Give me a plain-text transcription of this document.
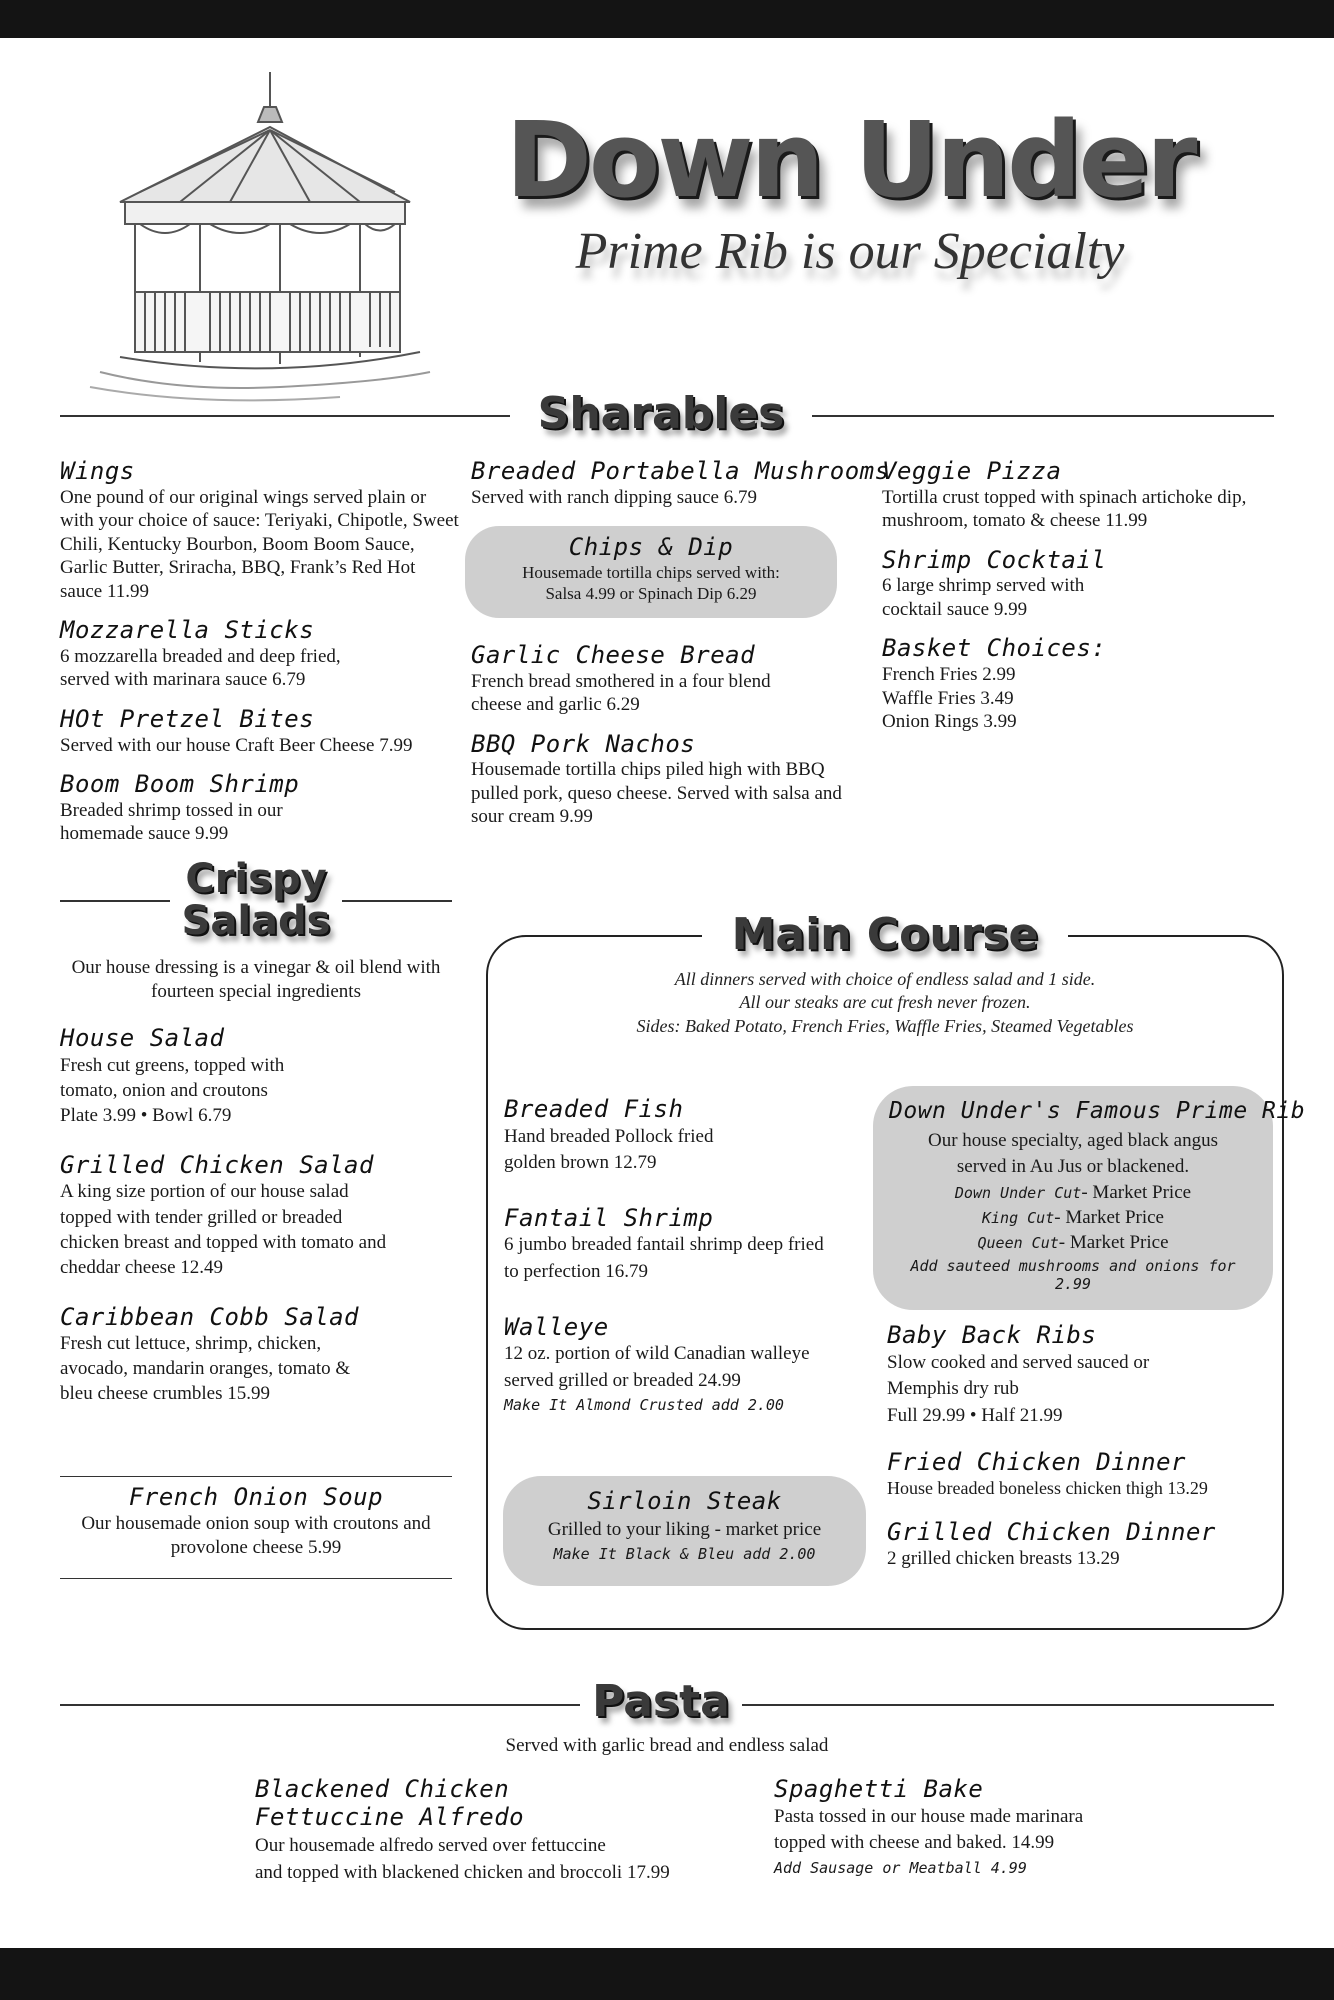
Down Under
Prime Rib is our Specialty
Sharables
Wings
One pound of our original wings served plain or with your choice of sauce: Teriyaki, Chipotle, Sweet Chili, Kentucky Bourbon, Boom Boom Sauce, Garlic Butter, Sriracha, BBQ, Frank’s Red Hot sauce 11.99
Mozzarella Sticks
6 mozzarella breaded and deep fried, served with marinara sauce 6.79
HOt Pretzel Bites
Served with our house Craft Beer Cheese 7.99
Boom Boom Shrimp
Breaded shrimp tossed in our homemade sauce 9.99
Breaded Portabella Mushrooms
Served with ranch dipping sauce 6.79
Chips & Dip
Housemade tortilla chips served with:
Salsa 4.99 or Spinach Dip 6.29
Garlic Cheese Bread
French bread smothered in a four blend cheese and garlic 6.29
BBQ Pork Nachos
Housemade tortilla chips piled high with BBQ pulled pork, queso cheese. Served with salsa and sour cream 9.99
Veggie Pizza
Tortilla crust topped with spinach artichoke dip, mushroom, tomato & cheese 11.99
Shrimp Cocktail
6 large shrimp served with cocktail sauce 9.99
Basket Choices:
French Fries 2.99
Waffle Fries 3.49
Onion Rings 3.99
Crispy
Salads
Our house dressing is a vinegar & oil blend with fourteen special ingredients
House Salad
Fresh cut greens, topped with tomato, onion and croutons
Plate 3.99 • Bowl 6.79
Grilled Chicken Salad
A king size portion of our house salad topped with tender grilled or breaded chicken breast and topped with tomato and cheddar cheese 12.49
Caribbean Cobb Salad
Fresh cut lettuce, shrimp, chicken, avocado, mandarin oranges, tomato & bleu cheese crumbles 15.99
French Onion Soup
Our housemade onion soup with croutons and provolone cheese 5.99
Main Course
All dinners served with choice of endless salad and 1 side.
All our steaks are cut fresh never frozen.
Sides: Baked Potato, French Fries, Waffle Fries, Steamed Vegetables
Breaded Fish
Hand breaded Pollock fried golden brown 12.79
Fantail Shrimp
6 jumbo breaded fantail shrimp deep fried to perfection 16.79
Walleye
12 oz. portion of wild Canadian walleye served grilled or breaded 24.99
Make It Almond Crusted add 2.00
Sirloin Steak
Grilled to your liking - market price
Make It Black & Bleu add 2.00
Down Under's Famous Prime Rib
Our house specialty, aged black angus served in Au Jus or blackened.
Down Under Cut- Market Price
King Cut- Market Price
Queen Cut- Market Price
Add sauteed mushrooms and onions for 2.99
Baby Back Ribs
Slow cooked and served sauced or Memphis dry rub
Full 29.99 • Half 21.99
Fried Chicken Dinner
House breaded boneless chicken thigh 13.29
Grilled Chicken Dinner
2 grilled chicken breasts 13.29
Pasta
Served with garlic bread and endless salad
Blackened Chicken
Fettuccine Alfredo
Our housemade alfredo served over fettuccine
and topped with blackened chicken and broccoli 17.99
Spaghetti Bake
Pasta tossed in our house made marinara topped with cheese and baked. 14.99
Add Sausage or Meatball 4.99
